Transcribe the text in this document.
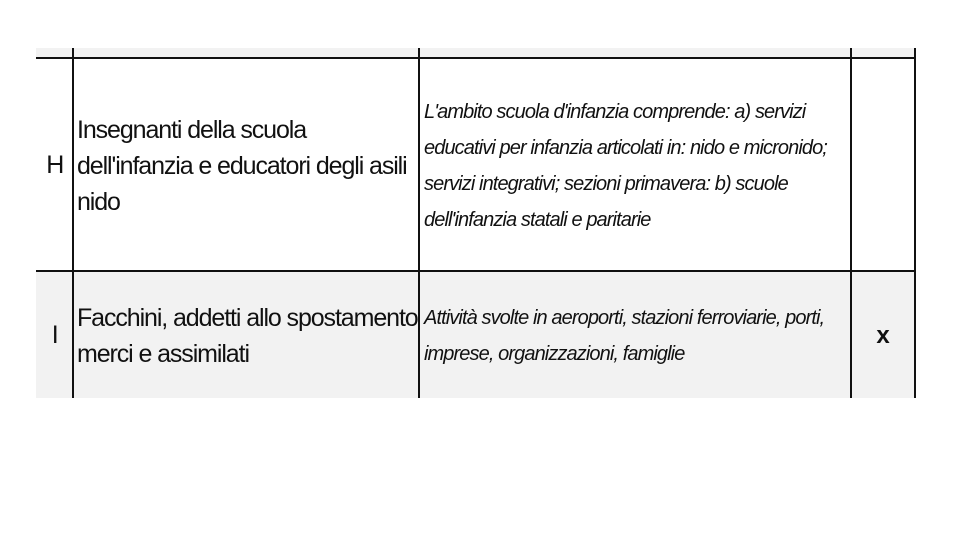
H
Insegnanti della scuola dell'infanzia e educatori degli asili nido
L'ambito scuola d'infanzia comprende: a) servizi educativi per infanzia articolati in: nido e micronido; servizi integrativi; sezioni primavera: b) scuole dell'infanzia statali e paritarie
I
Facchini, addetti allo spostamento merci e assimilati
Attività svolte in aeroporti, stazioni ferroviarie, porti, imprese, organizzazioni, famiglie
x
